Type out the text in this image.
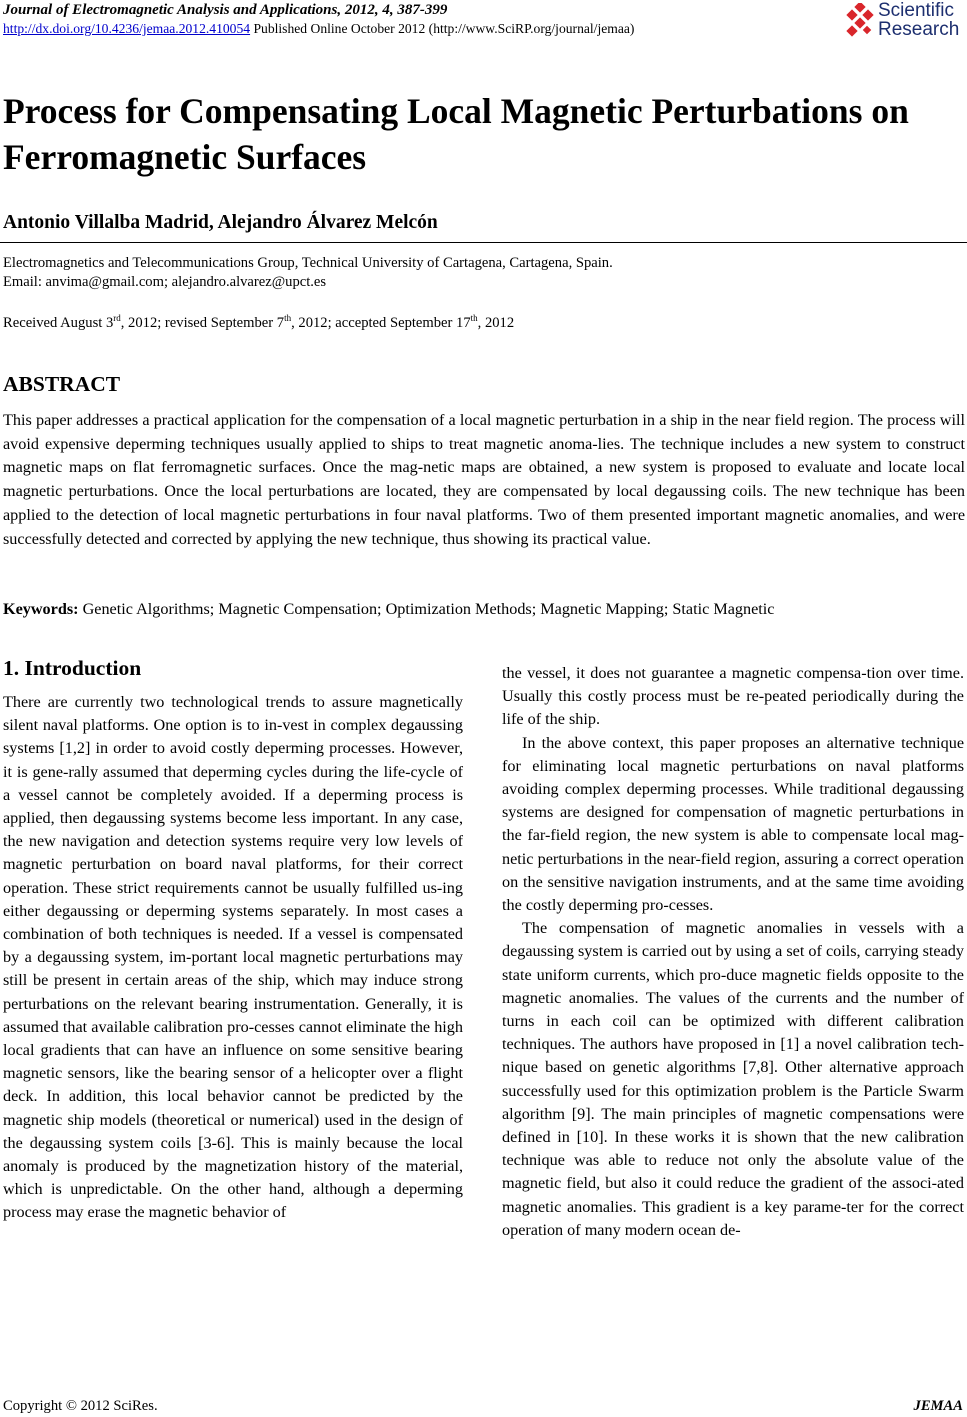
Journal of Electromagnetic Analysis and Applications, 2012, 4, 387-399
http://dx.doi.org/10.4236/jemaa.2012.410054 Published Online October 2012 (http://www.SciRP.org/journal/jemaa)
Scientific
Research
Process for Compensating Local Magnetic Perturbations on Ferromagnetic Surfaces

Antonio Villalba Madrid, Alejandro Álvarez Melcón

Electromagnetics and Telecommunications Group, Technical University of Cartagena, Cartagena, Spain.
Email: anvima@gmail.com; alejandro.alvarez@upct.es
Received August 3rd, 2012; revised September 7th, 2012; accepted September 17th, 2012
ABSTRACT

This paper addresses a practical application for the compensation of a local magnetic perturbation in a ship in the near field region. The process will avoid expensive deperming techniques usually applied to ships to treat magnetic anoma-lies. The technique includes a new system to construct magnetic maps on flat ferromagnetic surfaces. Once the mag-netic maps are obtained, a new system is proposed to evaluate and locate local magnetic perturbations. Once the local perturbations are located, they are compensated by local degaussing coils. The new technique has been applied to the detection of local magnetic perturbations in four naval platforms. Two of them presented important magnetic anomalies, and were successfully detected and corrected by applying the new technique, thus showing its practical value.

Keywords: Genetic Algorithms; Magnetic Compensation; Optimization Methods; Magnetic Mapping; Static Magnetic

1. Introduction

There are currently two technological trends to assure magnetically silent naval platforms. One option is to in-vest in complex degaussing systems [1,2] in order to avoid costly deperming processes. However, it is gene-rally assumed that deperming cycles during the life-cycle of a vessel cannot be completely avoided. If a deperming process is applied, then degaussing systems become less important. In any case, the new navigation and detection systems require very low levels of magnetic perturbation on board naval platforms, for their correct operation. These strict requirements cannot be usually fulfilled us-ing either degaussing or deperming systems separately. In most cases a combination of both techniques is needed. If a vessel is compensated by a degaussing system, im-portant local magnetic perturbations may still be present in certain areas of the ship, which may induce strong perturbations on the relevant bearing instrumentation. Generally, it is assumed that available calibration pro-cesses cannot eliminate the high local gradients that can have an influence on some sensitive bearing magnetic sensors, like the bearing sensor of a helicopter over a flight deck. In addition, this local behavior cannot be predicted by the magnetic ship models (theoretical or numerical) used in the design of the degaussing system coils [3-6]. This is mainly because the local anomaly is produced by the magnetization history of the material, which is unpredictable. On the other hand, although a deperming process may erase the magnetic behavior of

the vessel, it does not guarantee a magnetic compensa-tion over time. Usually this costly process must be re-peated periodically during the life of the ship.

In the above context, this paper proposes an alternative technique for eliminating local magnetic perturbations on naval platforms avoiding complex deperming processes. While traditional degaussing systems are designed for compensation of magnetic perturbations in the far-field region, the new system is able to compensate local mag-netic perturbations in the near-field region, assuring a correct operation on the sensitive navigation instruments, and at the same time avoiding the costly deperming pro-cesses.

The compensation of magnetic anomalies in vessels with a degaussing system is carried out by using a set of coils, carrying steady state uniform currents, which pro-duce magnetic fields opposite to the magnetic anomalies. The values of the currents and the number of turns in each coil can be optimized with different calibration techniques. The authors have proposed in [1] a novel calibration tech-nique based on genetic algorithms [7,8]. Other alternative approach successfully used for this optimization problem is the Particle Swarm algorithm [9]. The main principles of magnetic compensations were defined in [10]. In these works it is shown that the new calibration technique was able to reduce not only the absolute value of the magnetic field, but also it could reduce the gradient of the associ-ated magnetic anomalies. This gradient is a key parame-ter for the correct operation of many modern ocean de-

Copyright © 2012 SciRes.	JEMAA
